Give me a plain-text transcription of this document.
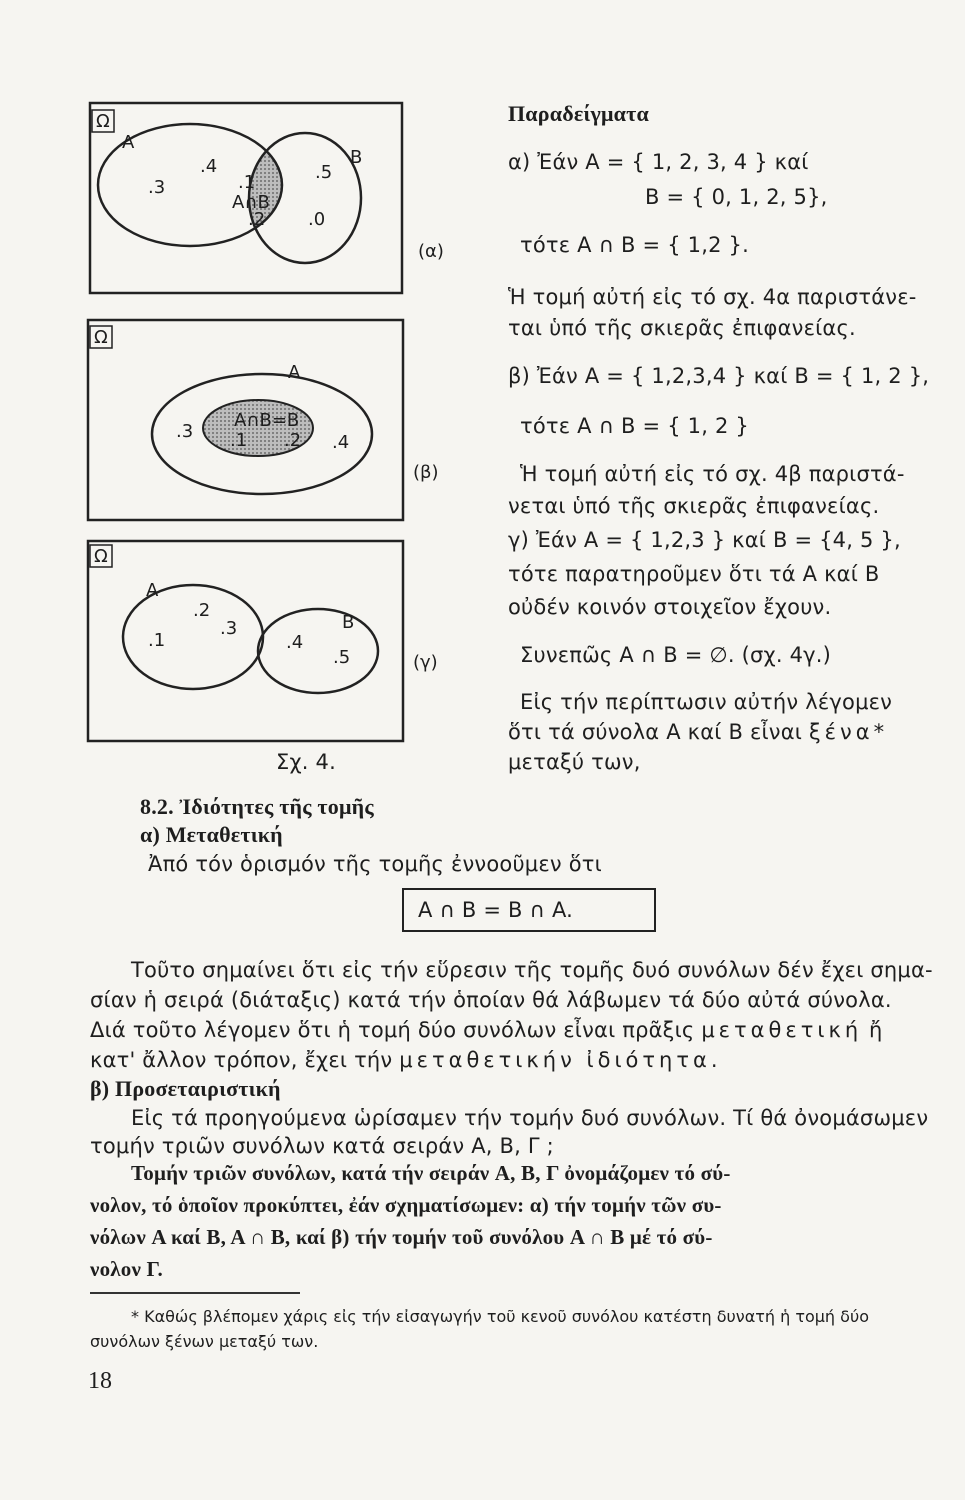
Ω
A
B
A∩B
.4
.3
.5
.1
.2 .0
(α)
Ω
A
A∩B=B
.3
.4
.1 .2
(β)
Ω
A
B
.1
.2
.3
.4
.5	(γ)
Σχ. 4.
Παραδείγματα
α) Ἐάν A = { 1, 2, 3, 4 } καί
B = { 0, 1, 2, 5},
τότε A ∩ B = { 1,2 }.
Ἡ τομή αὐτή εἰς τό σχ. 4α παριστάνε-
ται ὑπό τῆς σκιερᾶς ἐπιφανείας.
β) Ἐάν A = { 1,2,3,4 } καί B = { 1, 2 },
τότε A ∩ B = { 1, 2 }
Ἡ τομή αὐτή εἰς τό σχ. 4β παριστά-
νεται ὑπό τῆς σκιερᾶς ἐπιφανείας.
γ) Ἐάν A = { 1,2,3 } καί B = {4, 5 },
τότε παρατηροῦμεν ὅτι τά A καί B
οὐδέν κοινόν στοιχεῖον ἔχουν.
Συνεπῶς A ∩ B = ∅. (σχ. 4γ.)
Εἰς τήν περίπτωσιν αὐτήν λέγομεν
ὅτι τά σύνολα A καί B εἶναι ξένα*
μεταξύ των,
8.2. Ἰδιότητες τῆς τομῆς
α) Μεταθετική
Ἀπό τόν ὁρισμόν τῆς τομῆς ἐννοοῦμεν ὅτι
A ∩ B = B ∩ A.
Τοῦτο σημαίνει ὅτι εἰς τήν εὕρεσιν τῆς τομῆς δυό συνόλων δέν ἔχει σημα-
σίαν ἡ σειρά (διάταξις) κατά τήν ὁποίαν θά λάβωμεν τά δύο αὐτά σύνολα.
Διά τοῦτο λέγομεν ὅτι ἡ τομή δύο συνόλων εἶναι πρᾶξις μεταθετική ἤ
κατ' ἄλλον τρόπον, ἔχει τήν μεταθετικήν ἰδιότητα.
β) Προσεταιριστική
Εἰς τά προηγούμενα ὡρίσαμεν τήν τομήν δυό συνόλων. Τί θά ὀνομάσωμεν
τομήν τριῶν συνόλων κατά σειράν A, B, Γ ;
Τομήν τριῶν συνόλων, κατά τήν σειράν A, B, Γ ὀνομάζομεν τό σύ-
νολον, τό ὁποῖον προκύπτει, ἐάν σχηματίσωμεν: α) τήν τομήν τῶν συ-
νόλων A καί B, A ∩ B, καί β) τήν τομήν τοῦ συνόλου A ∩ B μέ τό σύ-
νολον Γ.
* Καθώς βλέπομεν χάρις εἰς τήν εἰσαγωγήν τοῦ κενοῦ συνόλου κατέστη δυνατή ἡ τομή δύο
συνόλων ξένων μεταξύ των.
18
